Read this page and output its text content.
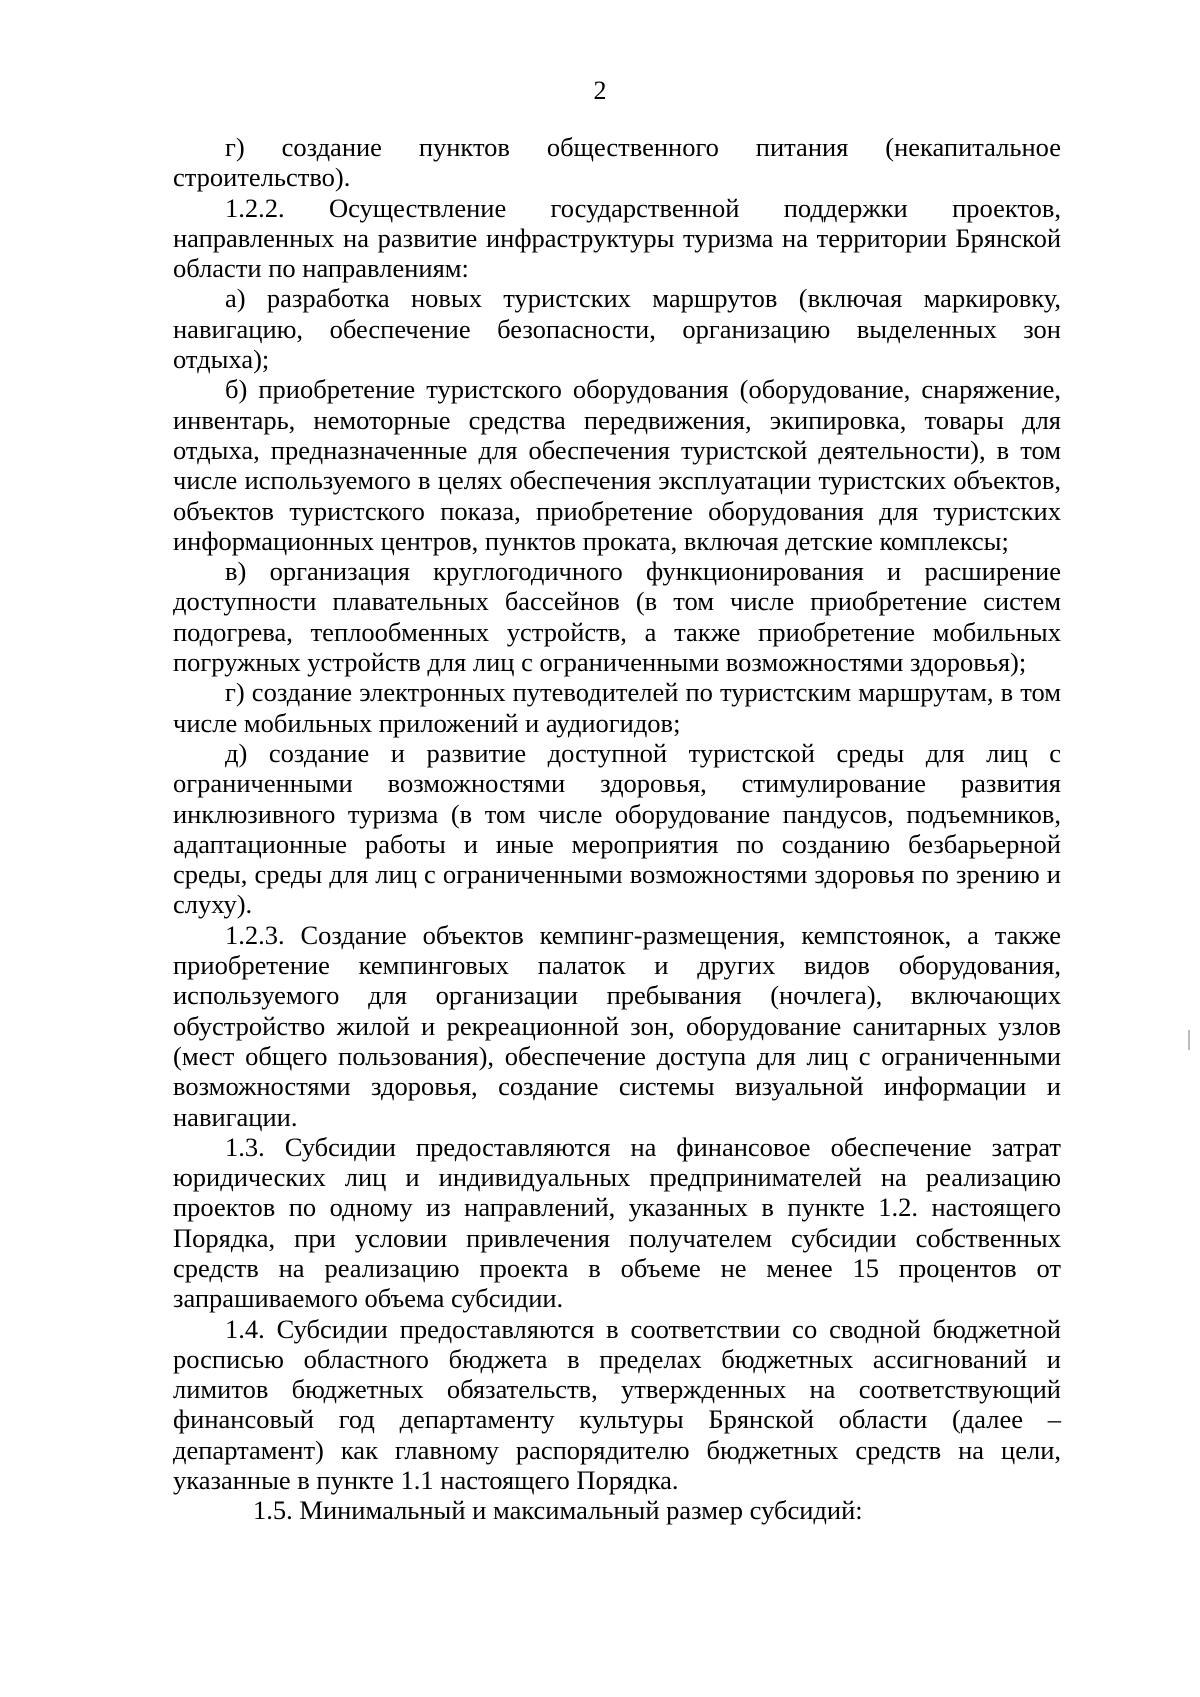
2

г) создание пунктов общественного питания (некапитальное строительство).

1.2.2. Осуществление государственной поддержки проектов, направленных на развитие инфраструктуры туризма на территории Брянской области по направлениям:

а) разработка новых туристских маршрутов (включая маркировку, навигацию, обеспечение безопасности, организацию выделенных зон отдыха);

б) приобретение туристского оборудования (оборудование, снаряжение, инвентарь, немоторные средства передвижения, экипировка, товары для отдыха, предназначенные для обеспечения туристской деятельности), в том числе используемого в целях обеспечения эксплуатации туристских объектов, объектов туристского показа, приобретение оборудования для туристских информационных центров, пунктов проката, включая детские комплексы;

в) организация круглогодичного функционирования и расширение доступности плавательных бассейнов (в том числе приобретение систем подогрева, теплообменных устройств, а также приобретение мобильных погружных устройств для лиц с ограниченными возможностями здоровья);

г) создание электронных путеводителей по туристским маршрутам, в том числе мобильных приложений и аудиогидов;

д) создание и развитие доступной туристской среды для лиц с ограниченными возможностями здоровья, стимулирование развития инклюзивного туризма (в том числе оборудование пандусов, подъемников, адаптационные работы и иные мероприятия по созданию безбарьерной среды, среды для лиц с ограниченными возможностями здоровья по зрению и слуху).

1.2.3. Создание объектов кемпинг-размещения, кемпстоянок, а также приобретение кемпинговых палаток и других видов оборудования, используемого для организации пребывания (ночлега), включающих обустройство жилой и рекреационной зон, оборудование санитарных узлов (мест общего пользования), обеспечение доступа для лиц с ограниченными возможностями здоровья, создание системы визуальной информации и навигации.

1.3. Субсидии предоставляются на финансовое обеспечение затрат юридических лиц и индивидуальных предпринимателей на реализацию проектов по одному из направлений, указанных в пункте 1.2. настоящего Порядка, при условии привлечения получателем субсидии собственных средств на реализацию проекта в объеме не менее 15 процентов от запрашиваемого объема субсидии.

1.4. Субсидии предоставляются в соответствии со сводной бюджетной росписью областного бюджета в пределах бюджетных ассигнований и лимитов бюджетных обязательств, утвержденных на соответствующий финансовый год департаменту культуры Брянской области (далее –департамент) как главному распорядителю бюджетных средств на цели, указанные в пункте 1.1 настоящего Порядка.

1.5. Минимальный и максимальный размер субсидий:
